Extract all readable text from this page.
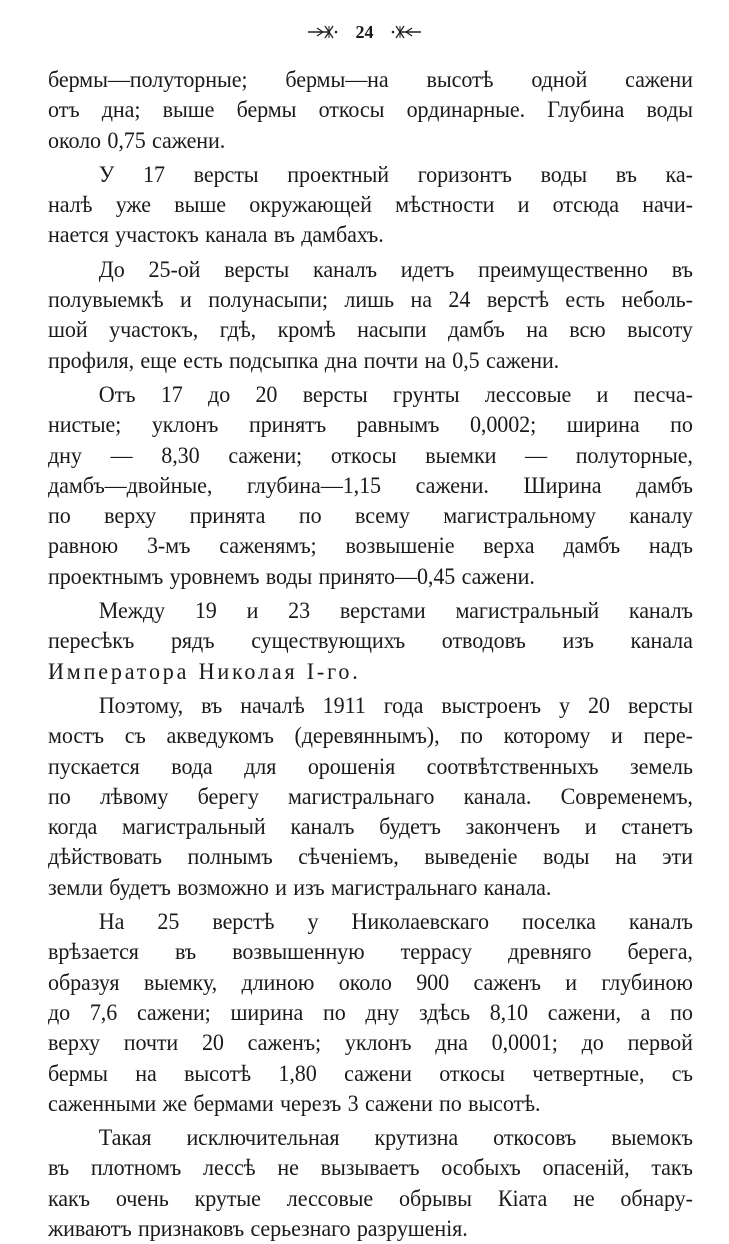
24

бермы—полуторные; бермы—на высотѣ одной сажени
отъ дна; выше бермы откосы ординарные. Глубина воды
около 0,75 сажени.

У 17 версты проектный горизонтъ воды въ ка-
налѣ уже выше окружающей мѣстности и отсюда начи-
нается участокъ канала въ дамбахъ.

До 25-ой версты каналъ идетъ преимущественно въ
полувыемкѣ и полунасыпи; лишь на 24 верстѣ есть неболь-
шой участокъ, гдѣ, кромѣ насыпи дамбъ на всю высоту
профиля, еще есть подсыпка дна почти на 0,5 сажени.

Отъ 17 до 20 версты грунты лессовые и песча-
нистые; уклонъ принятъ равнымъ 0,0002; ширина по
дну — 8,30 сажени; откосы выемки — полуторные,
дамбъ—двойные, глубина—1,15 сажени. Ширина дамбъ
по верху принята по всему магистральному каналу
равною 3-мъ саженямъ; возвышеніе верха дамбъ надъ
проектнымъ уровнемъ воды принято—0,45 сажени.

Между 19 и 23 верстами магистральный каналъ
пересѣкъ рядъ существующихъ отводовъ изъ канала
Императора Николая I-го.

Поэтому, въ началѣ 1911 года выстроенъ у 20 версты
мостъ съ акведукомъ (деревяннымъ), по которому и пере-
пускается вода для орошенія соотвѣтственныхъ земель
по лѣвому берегу магистральнаго канала. Современемъ,
когда магистральный каналъ будетъ законченъ и станетъ
дѣйствовать полнымъ сѣченіемъ, выведеніе воды на эти
земли будетъ возможно и изъ магистральнаго канала.

На 25 верстѣ у Николаевскаго поселка каналъ
врѣзается въ возвышенную террасу древняго берега,
образуя выемку, длиною около 900 саженъ и глубиною
до 7,6 сажени; ширина по дну здѣсь 8,10 сажени, а по
верху почти 20 саженъ; уклонъ дна 0,0001; до первой
бермы на высотѣ 1,80 сажени откосы четвертные, съ
саженными же бермами черезъ 3 сажени по высотѣ.

Такая исключительная крутизна откосовъ выемокъ
въ плотномъ лессѣ не вызываетъ особыхъ опасеній, такъ
какъ очень крутые лессовые обрывы Кіата не обнару-
живаютъ признаковъ серьезнаго разрушенія.
